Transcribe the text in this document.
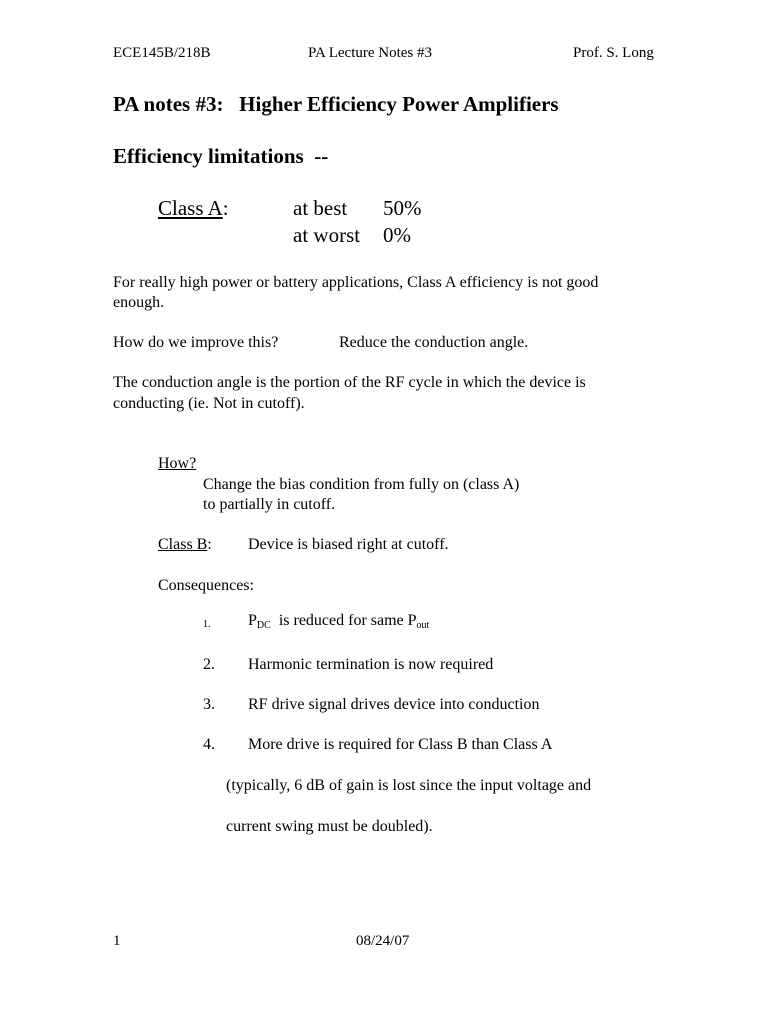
ECE145B/218B	PA Lecture Notes #3	Prof. S. Long
PA notes #3:   Higher Efficiency Power Amplifiers
Efficiency limitations  --
Class A:	at best 50%
at worst 0%
For really high power or battery applications, Class A efficiency is not good
enough.
How do we improve this?	Reduce the conduction angle.
The conduction angle is the portion of the RF cycle in which the device is
conducting (ie. Not in cutoff).
How?
Change the bias condition from fully on (class A)
to partially in cutoff.
Class B: Device is biased right at cutoff.
Consequences:
1. $P_{DC}$  is reduced for same $P_{out}$
2. Harmonic termination is now required
3. RF drive signal drives device into conduction
4. More drive is required for Class B than Class A
(typically, 6 dB of gain is lost since the input voltage and
current swing must be doubled).
1	08/24/07
